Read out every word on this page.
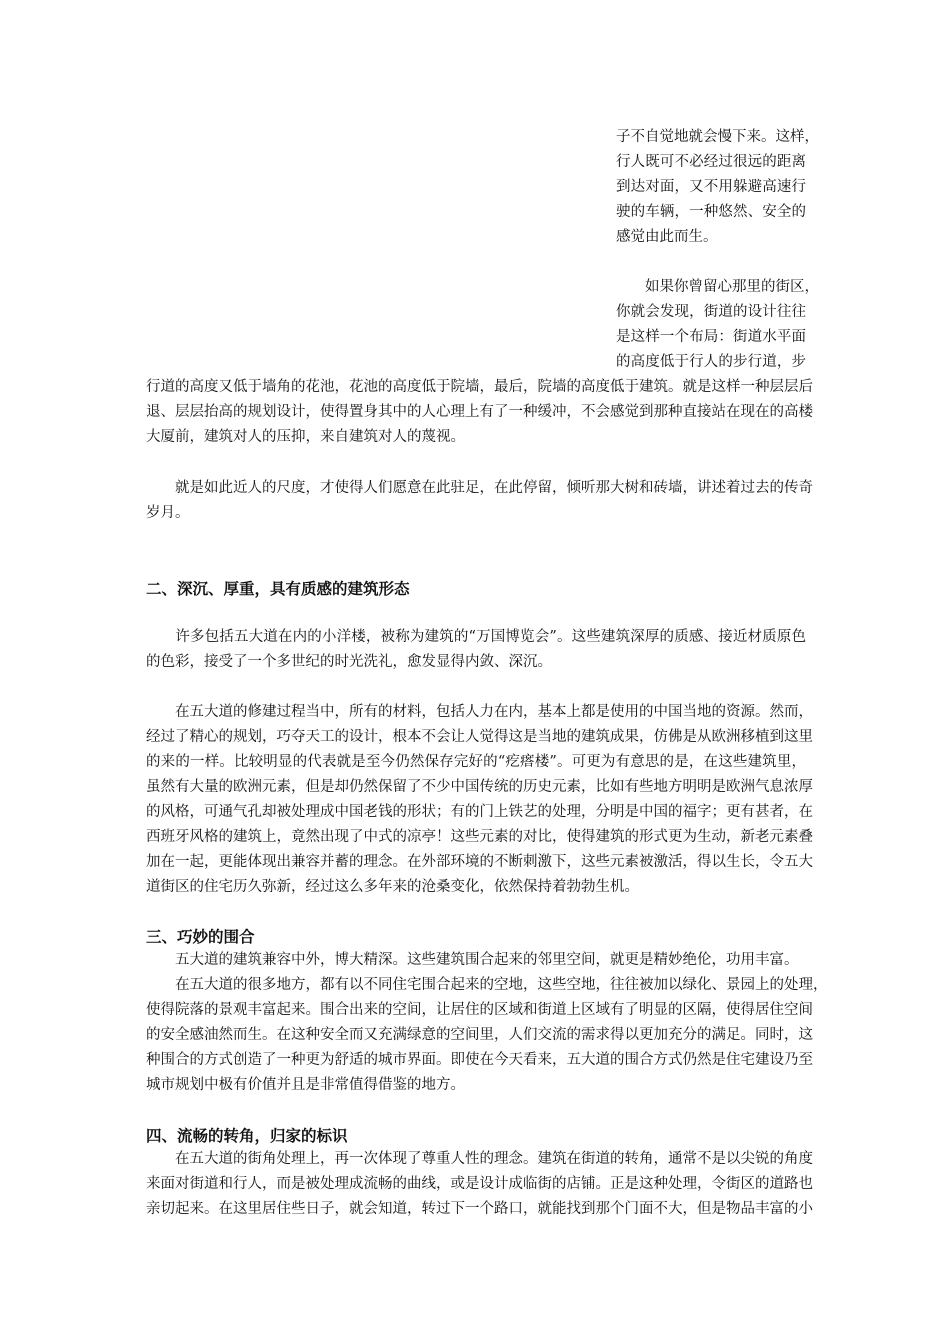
子不自觉地就会慢下来。这样，
行人既可不必经过很远的距离
到达对面，又不用躲避高速行
驶的车辆，一种悠然、安全的
感觉由此而生。
　　如果你曾留心那里的街区，
你就会发现，街道的设计往往
是这样一个布局：街道水平面
的高度低于行人的步行道，步
行道的高度又低于墙角的花池，花池的高度低于院墙，最后，院墙的高度低于建筑。就是这样一种层层后
退、层层抬高的规划设计，使得置身其中的人心理上有了一种缓冲，不会感觉到那种直接站在现在的高楼
大厦前，建筑对人的压抑，来自建筑对人的蔑视。
　　就是如此近人的尺度，才使得人们愿意在此驻足，在此停留，倾听那大树和砖墙，讲述着过去的传奇
岁月。
二、深沉、厚重，具有质感的建筑形态
　　许多包括五大道在内的小洋楼，被称为建筑的“万国博览会”。这些建筑深厚的质感、接近材质原色
的色彩，接受了一个多世纪的时光洗礼，愈发显得内敛、深沉。
　　在五大道的修建过程当中，所有的材料，包括人力在内，基本上都是使用的中国当地的资源。然而，
经过了精心的规划，巧夺天工的设计，根本不会让人觉得这是当地的建筑成果，仿佛是从欧洲移植到这里
的来的一样。比较明显的代表就是至今仍然保存完好的“疙瘩楼”。可更为有意思的是，在这些建筑里，
虽然有大量的欧洲元素，但是却仍然保留了不少中国传统的历史元素，比如有些地方明明是欧洲气息浓厚
的风格，可通气孔却被处理成中国老钱的形状；有的门上铁艺的处理，分明是中国的福字；更有甚者，在
西班牙风格的建筑上，竟然出现了中式的凉亭！这些元素的对比，使得建筑的形式更为生动，新老元素叠
加在一起，更能体现出兼容并蓄的理念。在外部环境的不断刺激下，这些元素被激活，得以生长，令五大
道街区的住宅历久弥新，经过这么多年来的沧桑变化，依然保持着勃勃生机。
三、巧妙的围合
　　五大道的建筑兼容中外，博大精深。这些建筑围合起来的邻里空间，就更是精妙绝伦，功用丰富。
　　在五大道的很多地方，都有以不同住宅围合起来的空地，这些空地，往往被加以绿化、景园上的处理，
使得院落的景观丰富起来。围合出来的空间，让居住的区域和街道上区域有了明显的区隔，使得居住空间
的安全感油然而生。在这种安全而又充满绿意的空间里，人们交流的需求得以更加充分的满足。同时，这
种围合的方式创造了一种更为舒适的城市界面。即使在今天看来，五大道的围合方式仍然是住宅建设乃至
城市规划中极有价值并且是非常值得借鉴的地方。
四、流畅的转角，归家的标识
　　在五大道的街角处理上，再一次体现了尊重人性的理念。建筑在街道的转角，通常不是以尖锐的角度
来面对街道和行人，而是被处理成流畅的曲线，或是设计成临街的店铺。正是这种处理，令街区的道路也
亲切起来。在这里居住些日子，就会知道，转过下一个路口，就能找到那个门面不大，但是物品丰富的小
